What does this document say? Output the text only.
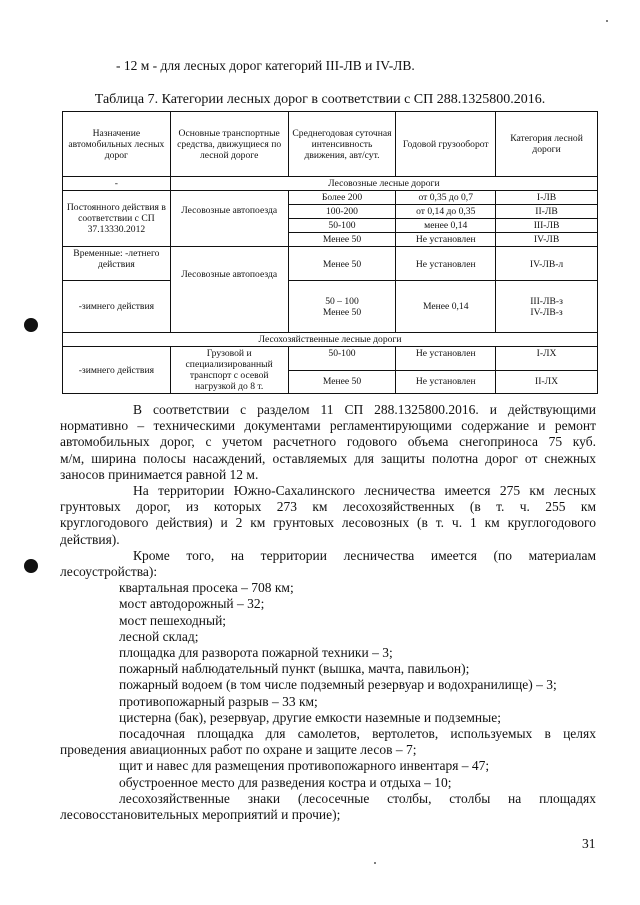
- 12 м - для лесных дорог категорий III-ЛВ и IV-ЛВ.
Таблица 7. Категории лесных дорог в соответствии с СП 288.1325800.2016.
Назначение автомобильных лесных дорог	Основные транспортные средства, движущиеся по лесной дороге	Среднегодовая суточная интенсивность движения, авт/сут.	Годовой грузооборот	Категория лесной дороги
-	Лесовозные лесные дороги			
Постоянного действия в соответствии с СП 37.13330.2012	Лесовозные автопоезда	Более 200	от 0,35 до 0,7	I-ЛВ
		100-200	от 0,14 до 0,35	II-ЛВ
		50-100	менее 0,14	III-ЛВ
		Менее 50	Не установлен	IV-ЛВ
Временные: -летнего действия	Лесовозные автопоезда	Менее 50	Не установлен	IV-ЛВ-л
-зимнего действия		50 – 100 Менее 50	Менее 0,14	III-ЛВ-з IV-ЛВ-з
Лесохозяйственные лесные дороги				
-зимнего действия	Грузовой и специализированный транспорт с осевой нагрузкой до 8 т.	50-100	Не установлен	I-ЛХ
		Менее 50	Не установлен	II-ЛХ

В соответствии с разделом 11 СП 288.1325800.2016. и действующими

нормативно – техническими документами регламентирующими содержание и ремонт

автомобильных дорог, с учетом расчетного годового объема снегоприноса 75 куб.

м/м, ширина полосы насаждений, оставляемых для защиты полотна дорог от снежных

заносов принимается равной 12 м.

На территории Южно-Сахалинского лесничества имеется 275 км лесных

грунтовых дорог, из которых 273 км лесохозяйственных (в т. ч. 255 км

круглогодового действия) и 2 км грунтовых лесовозных (в т. ч. 1 км круглогодового

действия).

Кроме того, на территории лесничества имеется (по материалам

лесоустройства):

квартальная просека – 708 км;

мост автодорожный – 32;

мост пешеходный;

лесной склад;

площадка для разворота пожарной техники – 3;

пожарный наблюдательный пункт (вышка, мачта, павильон);

пожарный водоем (в том числе подземный резервуар и водохранилище) – 3;

противопожарный разрыв – 33 км;

цистерна (бак), резервуар, другие емкости наземные и подземные;

посадочная площадка для самолетов, вертолетов, используемых в целях

проведения авиационных работ по охране и защите лесов – 7;

щит и навес для размещения противопожарного инвентаря – 47;

обустроенное место для разведения костра и отдыха – 10;

лесохозяйственные знаки (лесосечные столбы, столбы на площадях

лесовосстановительных мероприятий и прочие);

31
